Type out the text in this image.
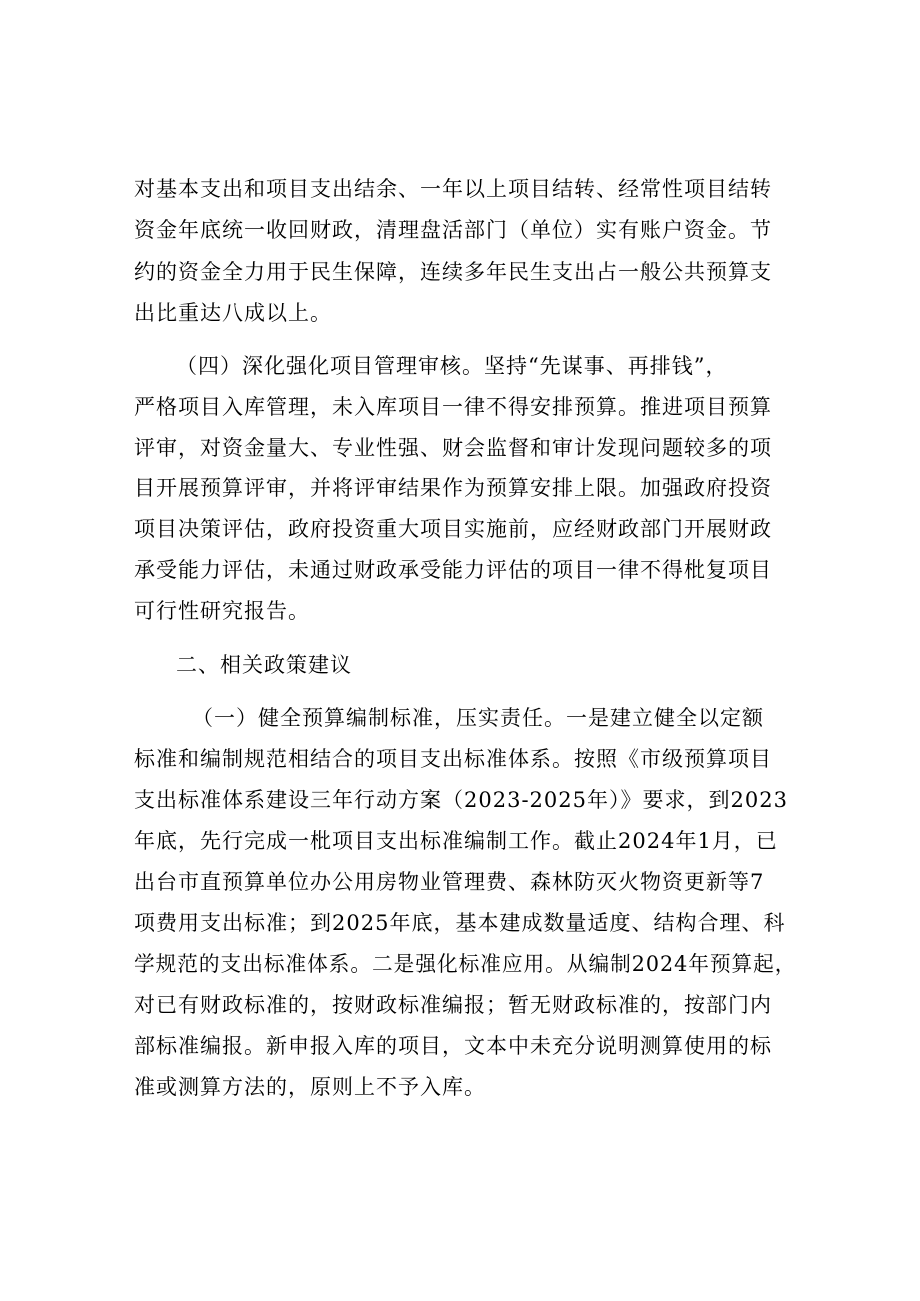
对基本支出和项目支出结余、一年以上项目结转、经常性项目结转
资金年底统一收回财政，清理盘活部门（单位）实有账户资金。节
约的资金全力用于民生保障，连续多年民生支出占一般公共预算支
出比重达八成以上。
（四）深化强化项目管理审核。坚持“先谋事、再排钱”，
严格项目入库管理，未入库项目一律不得安排预算。推进项目预算
评审，对资金量大、专业性强、财会监督和审计发现问题较多的项
目开展预算评审，并将评审结果作为预算安排上限。加强政府投资
项目决策评估，政府投资重大项目实施前，应经财政部门开展财政
承受能力评估，未通过财政承受能力评估的项目一律不得枇复项目
可行性研究报告。
二、相关政策建议
（一）健全预算编制标准，压实责任。一是建立健全以定额
标准和编制规范相结合的项目支出标准体系。按照《市级预算项目
支出标准体系建设三年行动方案（2023-2025年）》要求，到2023
年底，先行完成一枇项目支出标准编制工作。截止2024年1月，已
出台市直预算单位办公用房物业管理费、森林防灭火物资更新等7
项费用支出标准；到2025年底，基本建成数量适度、结构合理、科
学规范的支出标准体系。二是强化标准应用。从编制2024年预算起，
对已有财政标准的，按财政标准编报；暂无财政标准的，按部门内
部标准编报。新申报入库的项目，文本中未充分说明测算使用的标
准或测算方法的，原则上不予入库。
